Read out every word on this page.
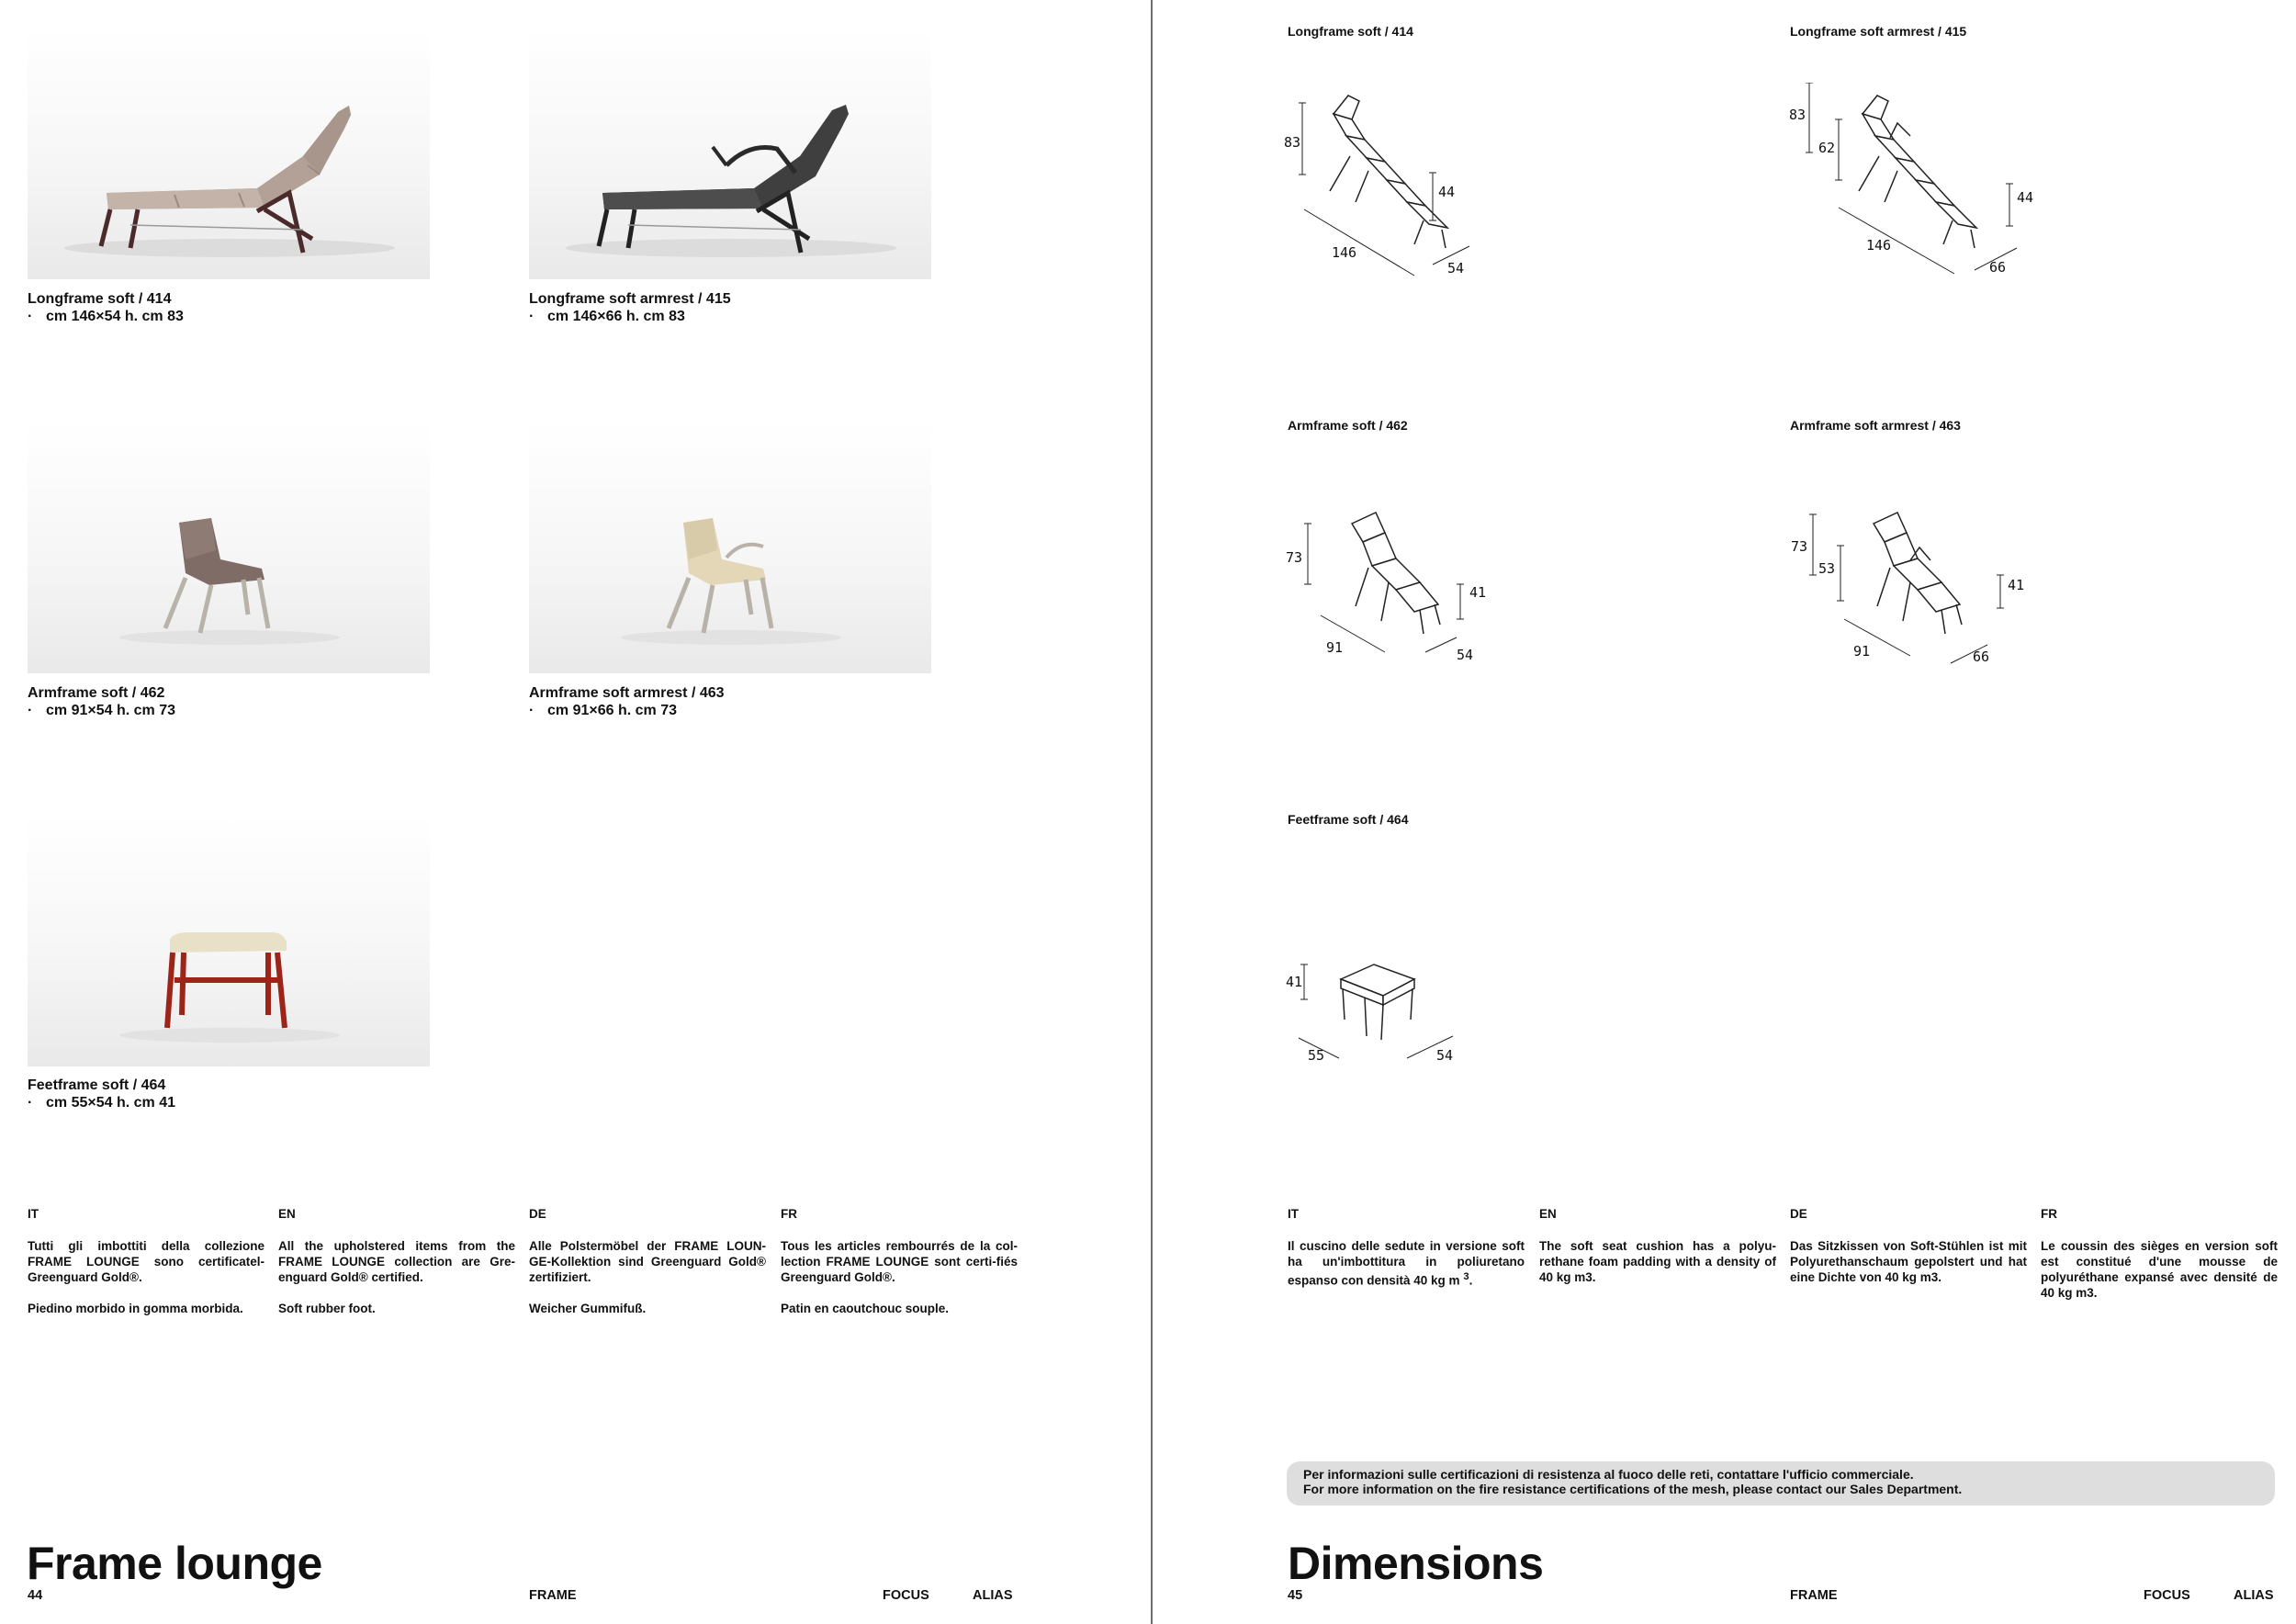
Longframe soft / 414
· cm 146×54 h. cm 83
Longframe soft armrest / 415
· cm 146×66 h. cm 83
Armframe soft / 462
· cm 91×54 h. cm 73
Armframe soft armrest / 463
· cm 91×66 h. cm 73
Feetframe soft / 464
· cm 55×54 h. cm 41
IT

Tutti gli imbottiti della collezione FRAME LOUNGE sono certificatel-Greenguard Gold®.

Piedino morbido in gomma morbida.

EN

All the upholstered items from the FRAME LOUNGE collection are Gre-enguard Gold® certified.

Soft rubber foot.

DE

Alle Polstermöbel der FRAME LOUN-GE-Kollektion sind Greenguard Gold® zertifiziert.

Weicher Gummifuß.

FR

Tous les articles rembourrés de la col-lection FRAME LOUNGE sont certi-fiés Greenguard Gold®.

Patin en caoutchouc souple.

Frame lounge
44	FRAME	FOCUS	ALIAS
Longframe soft / 414	Longframe soft armrest / 415
Armframe soft / 462	Armframe soft armrest / 463
Feetframe soft / 464
83
44
146
54
83
62
44
146
66
73
41
91	54
73
53
41
91	66
41
55	54
IT

Il cuscino delle sedute in versione soft ha un'imbottitura in poliuretano espanso con densità 40 kg m $^3$.

EN

The soft seat cushion has a polyu-rethane foam padding with a density of 40 kg m3.

DE

Das Sitzkissen von Soft-Stühlen ist mit Polyurethanschaum gepolstert und hat eine Dichte von 40 kg m3.

FR

Le coussin des sièges en version soft est constitué d'une mousse de polyuréthane expansé avec densité de 40 kg m3.

Per informazioni sulle certificazioni di resistenza al fuoco delle reti, contattare l'ufficio commerciale.
For more information on the fire resistance certifications of the mesh, please contact our Sales Department.
Dimensions
45	FRAME	FOCUS	ALIAS
